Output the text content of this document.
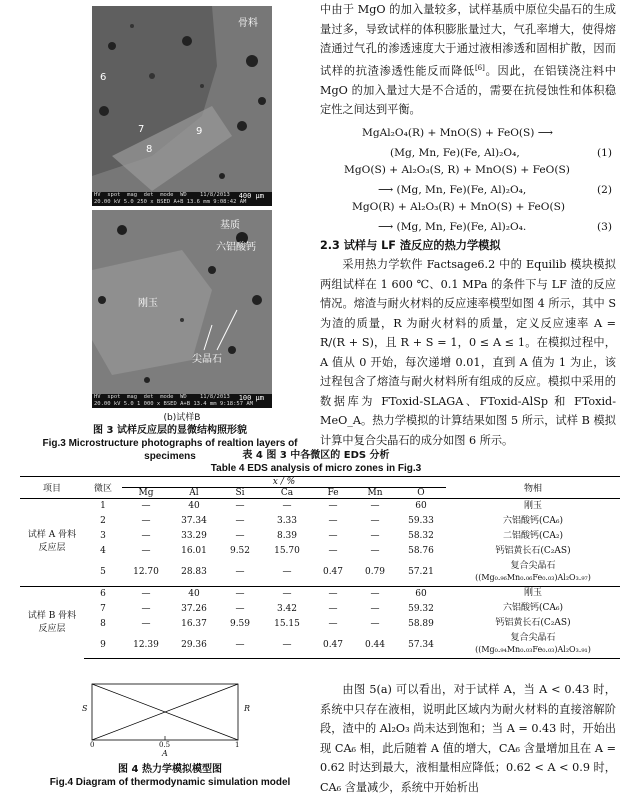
骨料
6
7
8
9
HV  spot  mag  det  mode  WD    11/8/2013
20.00 kV 5.0 250 x BSED A+B 13.6 mm 9:08:42 AM
400 μm
基质
六铝酸钙
刚玉
尖晶石
HV  spot  mag  det  mode  WD    11/8/2013
20.00 kV 5.0 1 000 x BSED A+B 13.4 mm 9:18:57 AM
100 μm
(b)试样B
图 3 试样反应层的显微结构照形貌
Fig.3 Microstructure photographs of realtion layers of specimens

中由于 MgO 的加入量较多，试样基质中原位尖晶石的生成量过多，导致试样的体积膨胀量过大，气孔率增大，使得熔渣通过气孔的渗透速度大于通过液相渗透和固相扩散，因而试样的抗渣渗透性能反而降低[6]。因此，在铝镁浇注料中 MgO 的加入量过大是不合适的，需要在抗侵蚀性和体积稳定性之间达到平衡。

MgAl₂O₄(R) + MnO(S) + FeO(S) ⟶
(Mg, Mn, Fe)(Fe, Al)₂O₄,	(1)
MgO(S) + Al₂O₃(S, R) + MnO(S) + FeO(S)
⟶ (Mg, Mn, Fe)(Fe, Al)₂O₄,	(2)
MgO(R) + Al₂O₃(R) + MnO(S) + FeO(S)
⟶ (Mg, Mn, Fe)(Fe, Al)₂O₄.	(3)
2.3 试样与 LF 渣反应的热力学模拟

采用热力学软件 Factsage6.2 中的 Equilib 模块模拟两组试样在 1 600 ℃、0.1 MPa 的条件下与 LF 渣的反应情况。熔渣与耐火材料的反应速率模型如图 4 所示，其中 S 为渣的质量，R 为耐火材料的质量，定义反应速率 A = R/(R + S)，且 R + S = 1，0 ≤ A ≤ 1。在模拟过程中，A 值从 0 开始，每次递增 0.01，直到 A 值为 1 为止，该过程包含了熔渣与耐火材料所有组成的反应。模拟中采用的数据库为 FToxid-SLAGA、FToxid-AlSp 和 FToxid-MeO_A。热力学模拟的计算结果如图 5 所示，试样 B 模拟计算中复合尖晶石的成分如图 6 所示。

表 4 图 3 中各微区的 EDS 分析
Table 4 EDS analysis of micro zones in Fig.3
项目	微区	x / %							物相
		Mg	Al	Si	Ca	Fe	Mn	O	
试样 A 骨料反应层	1	—	40	—	—	—	—	60	刚玉
	2	—	37.34	—	3.33	—	—	59.33	六铝酸钙(CA₆)
	3	—	33.29	—	8.39	—	—	58.32	二铝酸钙(CA₂)
	4	—	16.01	9.52	15.70	—	—	58.76	钙铝黄长石(C₂AS)
	5	12.70	28.83	—	—	0.47	0.79	57.21	复合尖晶石
((Mg₀.₉₆Mn₀.₀₆Fe₀.₀₃)Al₂O₃.₉₇)
试样 B 骨料反应层	6	—	40	—	—	—	—	60	刚玉
	7	—	37.26	—	3.42	—	—	59.32	六铝酸钙(CA₆)
	8	—	16.37	9.59	15.15	—	—	58.89	钙铝黄长石(C₂AS)
	9	12.39	29.36	—	—	0.47	0.44	57.34	复合尖晶石
((Mg₀.₉₄Mn₀.₀₃Fe₀.₀₃)Al₂O₃.₉₁)
S	R
0	0.5	1
A
图 4 热力学模拟模型图
Fig.4 Diagram of thermodynamic simulation model

由图 5(a) 可以看出，对于试样 A，当 A < 0.43 时，系统中只存在液相，说明此区域内为耐火材料的直接溶解阶段，渣中的 Al₂O₃ 尚未达到饱和；当 A = 0.43 时，开始出现 CA₆ 相，此后随着 A 值的增大，CA₆ 含量增加且在 A = 0.62 时达到最大，液相量相应降低；0.62 < A < 0.9 时，CA₆ 含量减少，系统中开始析出
